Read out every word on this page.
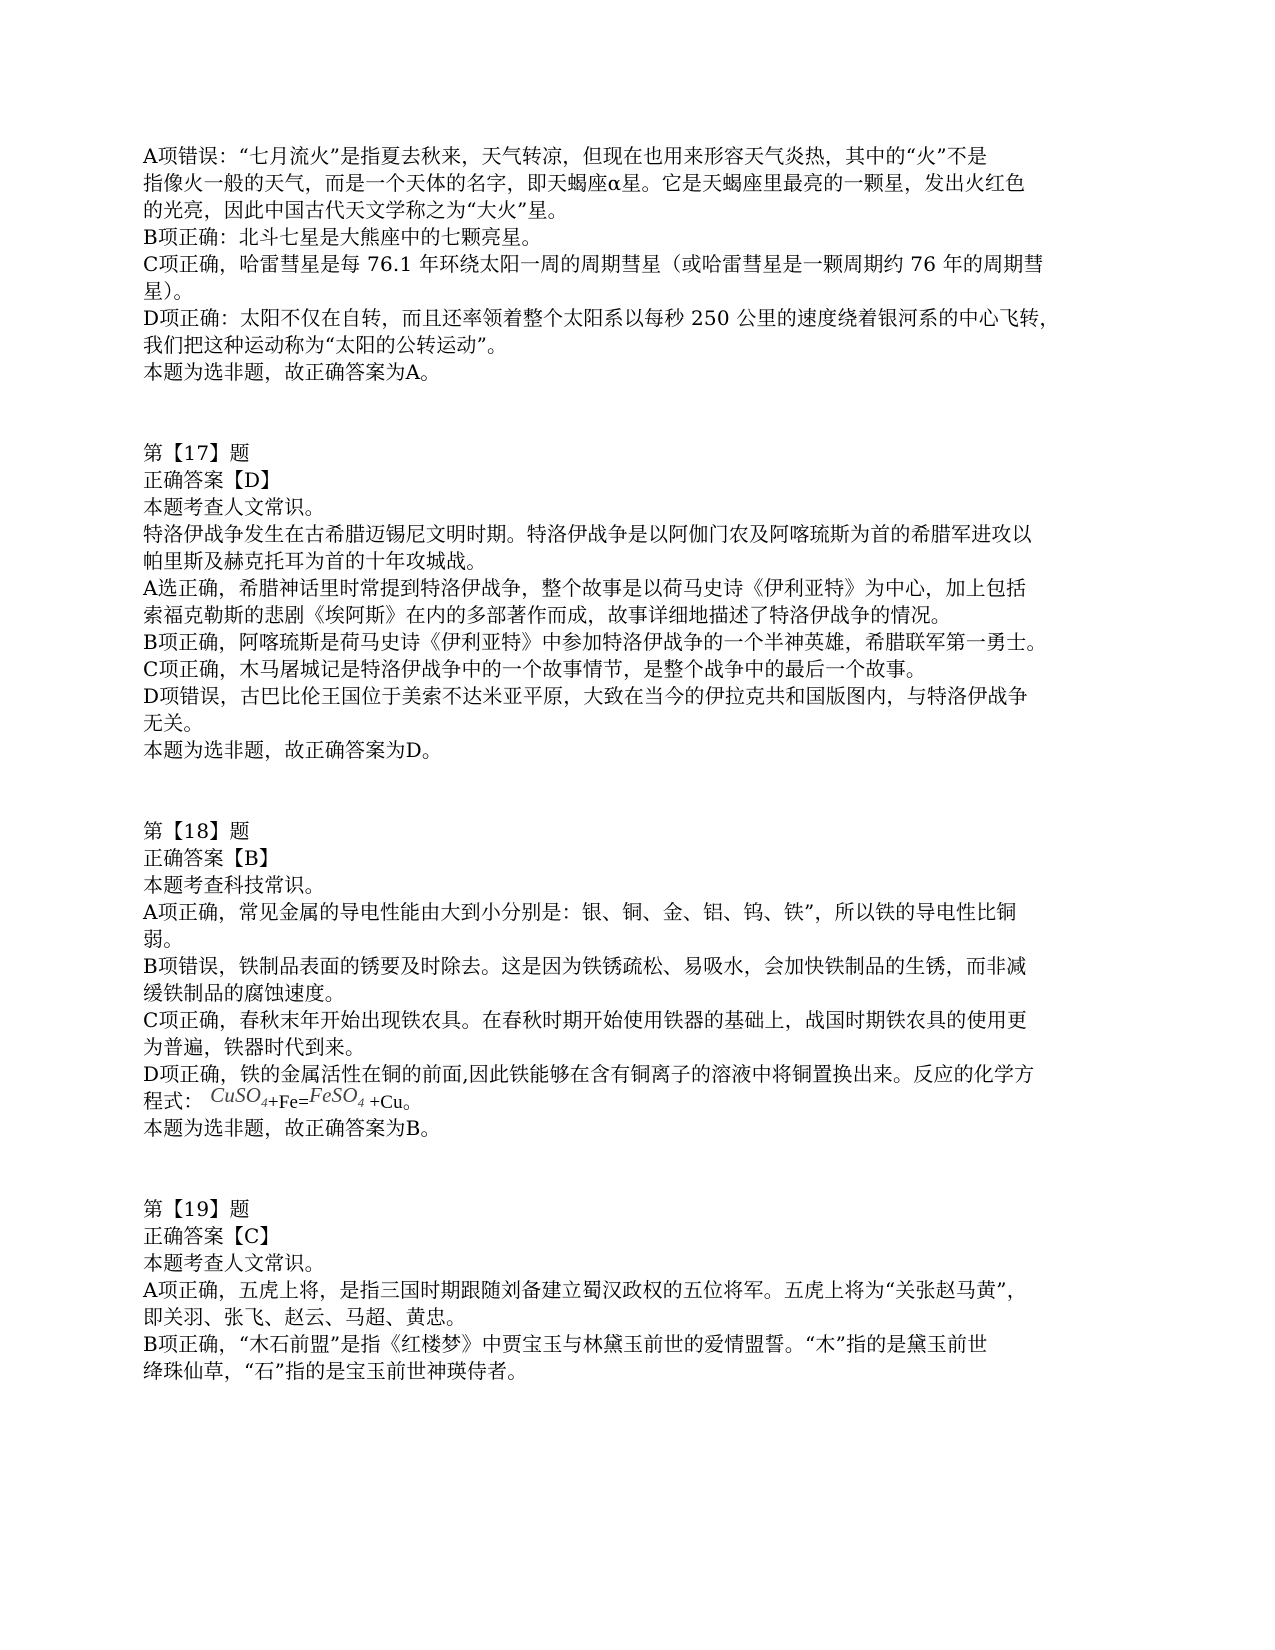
A项错误：“七月流火”是指夏去秋来，天气转凉，但现在也用来形容天气炎热，其中的“火”不是
指像火一般的天气，而是一个天体的名字，即天蝎座α星。它是天蝎座里最亮的一颗星，发出火红色
的光亮，因此中国古代天文学称之为“大火”星。
B项正确：北斗七星是大熊座中的七颗亮星。
C项正确，哈雷彗星是每 76.1 年环绕太阳一周的周期彗星（或哈雷彗星是一颗周期约 76 年的周期彗
星）。
D项正确：太阳不仅在自转，而且还率领着整个太阳系以每秒 250 公里的速度绕着银河系的中心飞转，
我们把这种运动称为“太阳的公转运动”。
本题为选非题，故正确答案为A。
第【17】题
正确答案【D】
本题考查人文常识。
特洛伊战争发生在古希腊迈锡尼文明时期。特洛伊战争是以阿伽门农及阿喀琉斯为首的希腊军进攻以
帕里斯及赫克托耳为首的十年攻城战。
A选正确，希腊神话里时常提到特洛伊战争，整个故事是以荷马史诗《伊利亚特》为中心，加上包括
索福克勒斯的悲剧《埃阿斯》在内的多部著作而成，故事详细地描述了特洛伊战争的情况。
B项正确，阿喀琉斯是荷马史诗《伊利亚特》中参加特洛伊战争的一个半神英雄，希腊联军第一勇士。
C项正确，木马屠城记是特洛伊战争中的一个故事情节，是整个战争中的最后一个故事。
D项错误，古巴比伦王国位于美索不达米亚平原，大致在当今的伊拉克共和国版图内，与特洛伊战争
无关。
本题为选非题，故正确答案为D。
第【18】题
正确答案【B】
本题考查科技常识。
A项正确，常见金属的导电性能由大到小分别是：银、铜、金、铝、钨、铁”，所以铁的导电性比铜
弱。
B项错误，铁制品表面的锈要及时除去。这是因为铁锈疏松、易吸水，会加快铁制品的生锈，而非减
缓铁制品的腐蚀速度。
C项正确，春秋末年开始出现铁农具。在春秋时期开始使用铁器的基础上，战国时期铁农具的使用更
为普遍，铁器时代到来。
D项正确，铁的金属活性在铜的前面,因此铁能够在含有铜离子的溶液中将铜置换出来。反应的化学方
程式： CuSO$_4$+Fe=FeSO$_4$ +Cu。
本题为选非题，故正确答案为B。
第【19】题
正确答案【C】
本题考查人文常识。
A项正确，五虎上将，是指三国时期跟随刘备建立蜀汉政权的五位将军。五虎上将为“关张赵马黄”，
即关羽、张飞、赵云、马超、黄忠。
B项正确，“木石前盟”是指《红楼梦》中贾宝玉与林黛玉前世的爱情盟誓。“木”指的是黛玉前世
绛珠仙草，“石”指的是宝玉前世神瑛侍者。
